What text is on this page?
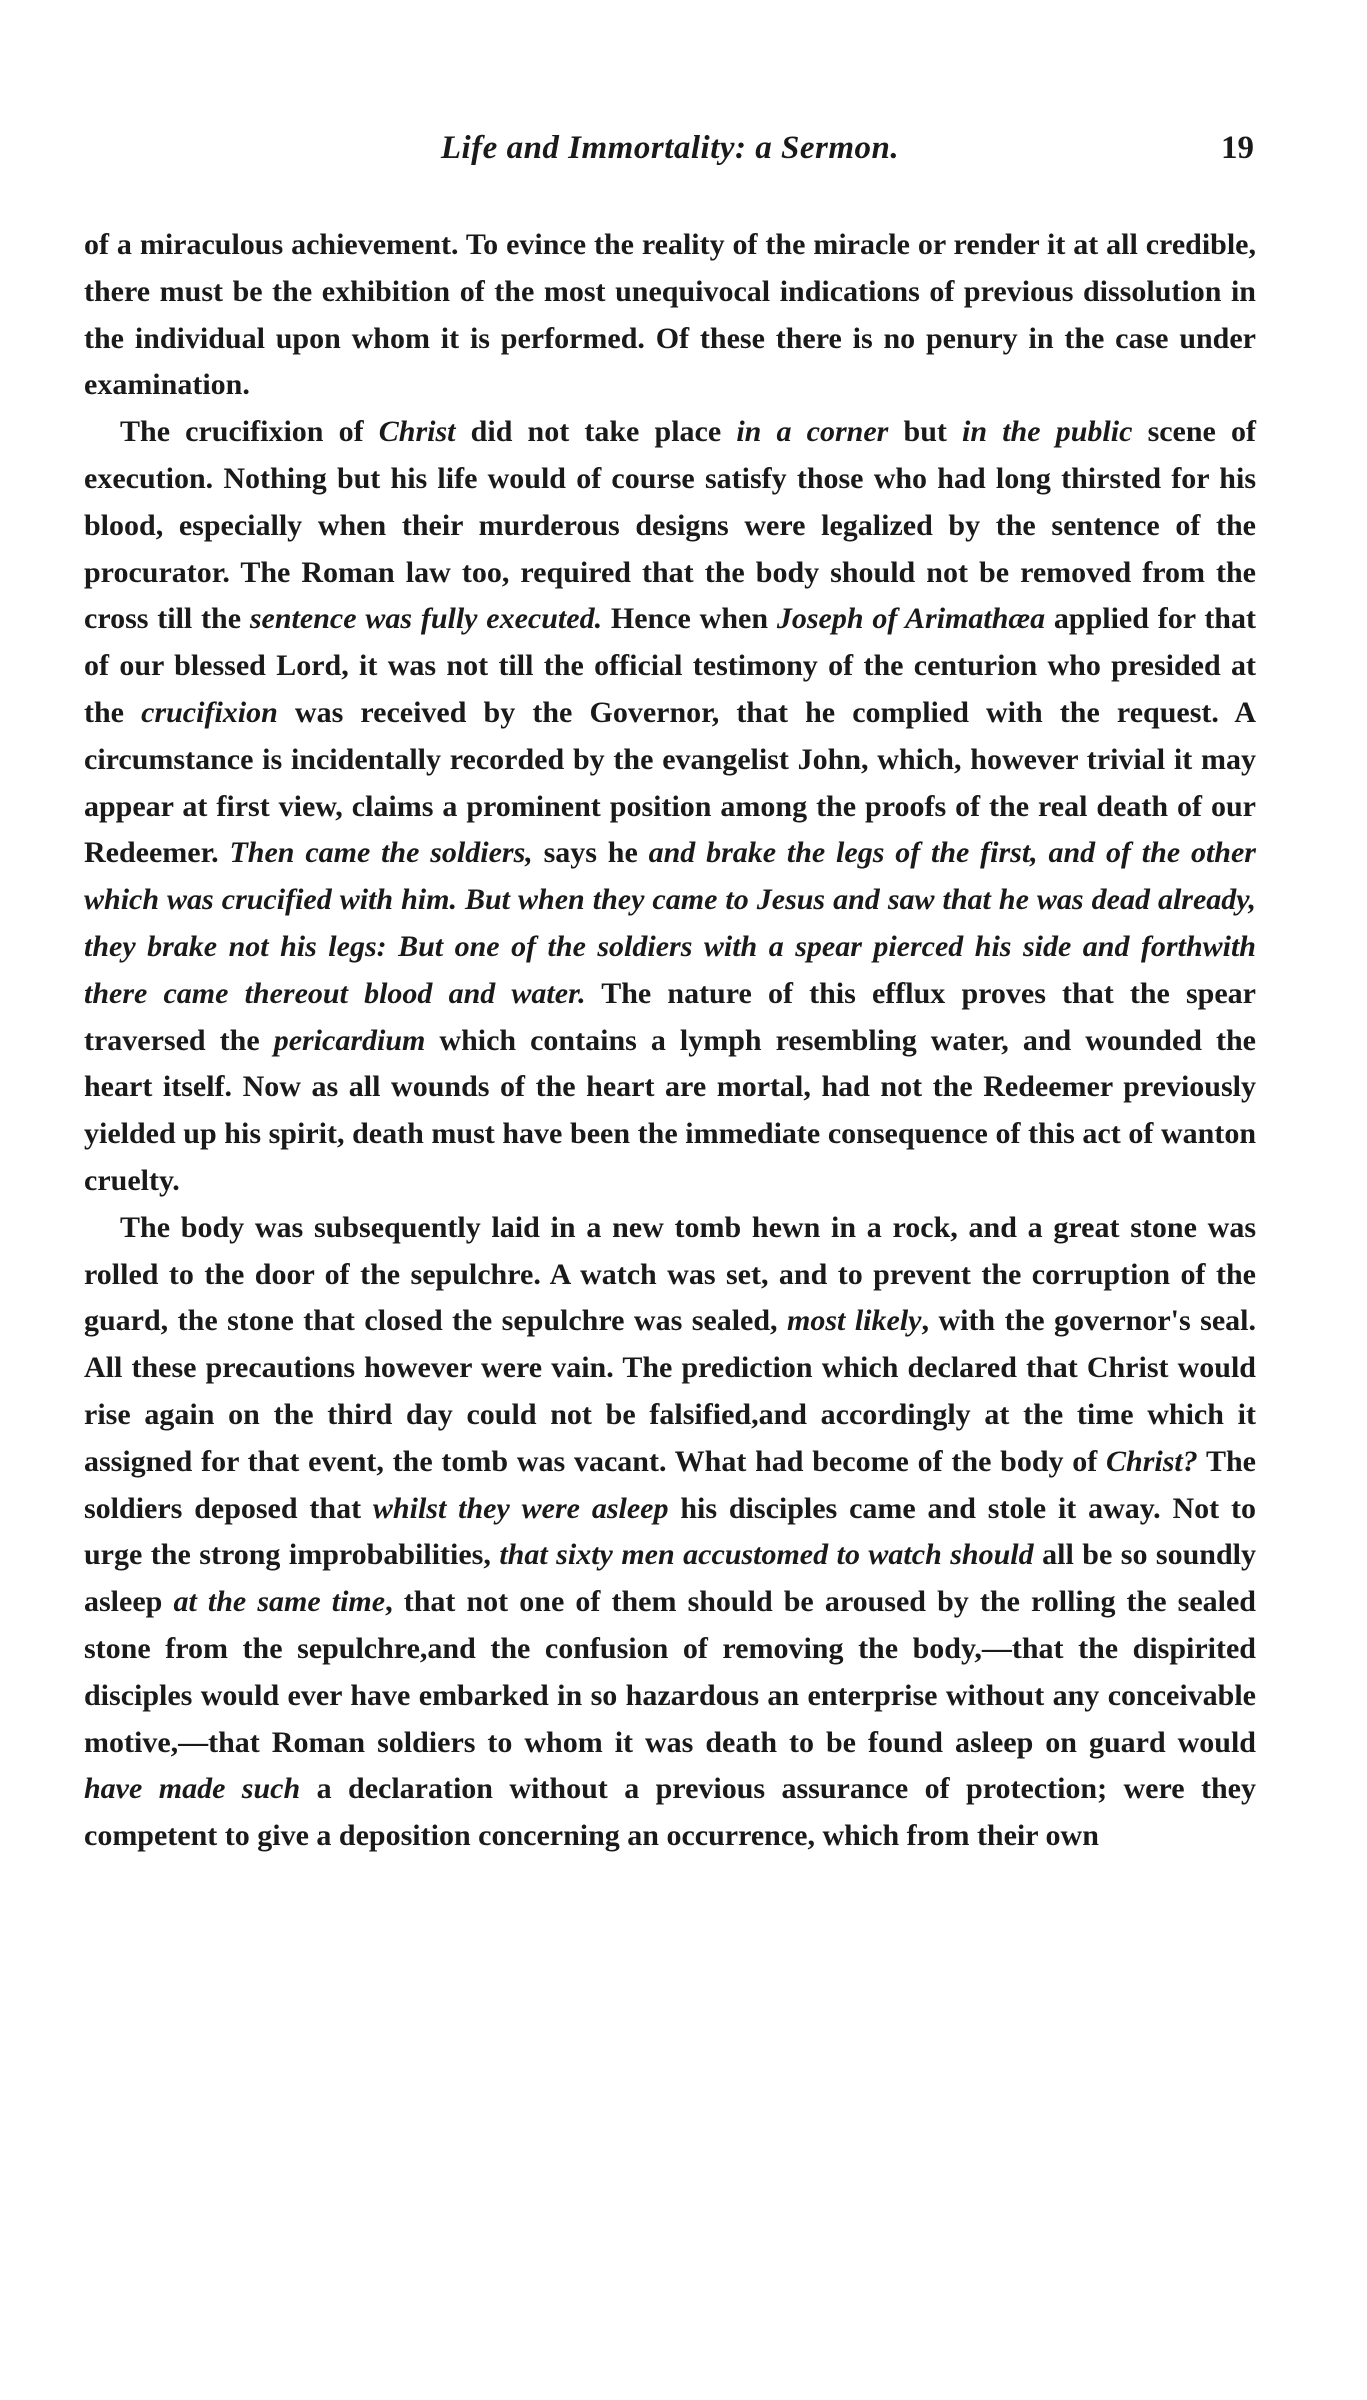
Life and Immortality: a Sermon.	19

of a miraculous achievement. To evince the reality of the miracle or render it at all credible, there must be the exhibition of the most unequivocal indications of previous dissolution in the individual upon whom it is performed. Of these there is no penury in the case under examination.

The crucifixion of Christ did not take place in a corner but in the public scene of execution. Nothing but his life would of course satisfy those who had long thirsted for his blood, especially when their murderous designs were legalized by the sentence of the procurator. The Roman law too, required that the body should not be removed from the cross till the sentence was fully executed. Hence when Joseph of Arimathæa applied for that of our blessed Lord, it was not till the official testimony of the centurion who presided at the crucifixion was received by the Governor, that he complied with the request. A circumstance is incidentally recorded by the evangelist John, which, however trivial it may appear at first view, claims a prominent position among the proofs of the real death of our Redeemer. Then came the soldiers, says he and brake the legs of the first, and of the other which was crucified with him. But when they came to Jesus and saw that he was dead already, they brake not his legs: But one of the soldiers with a spear pierced his side and forthwith there came thereout blood and water. The nature of this efflux proves that the spear traversed the pericardium which contains a lymph resembling water, and wounded the heart itself. Now as all wounds of the heart are mortal, had not the Redeemer previously yielded up his spirit, death must have been the immediate consequence of this act of wanton cruelty.

The body was subsequently laid in a new tomb hewn in a rock, and a great stone was rolled to the door of the sepulchre. A watch was set, and to prevent the corruption of the guard, the stone that closed the sepulchre was sealed, most likely, with the governor's seal. All these precautions however were vain. The prediction which declared that Christ would rise again on the third day could not be falsified,and accordingly at the time which it assigned for that event, the tomb was vacant. What had become of the body of Christ? The soldiers deposed that whilst they were asleep his disciples came and stole it away. Not to urge the strong improbabilities, that sixty men accustomed to watch should all be so soundly asleep at the same time, that not one of them should be aroused by the rolling the sealed stone from the sepulchre,and the confusion of removing the body,—that the dispirited disciples would ever have embarked in so hazardous an enterprise without any conceivable motive,—that Roman soldiers to whom it was death to be found asleep on guard would have made such a declaration without a previous assurance of protection; were they competent to give a deposition concerning an occurrence, which from their own
